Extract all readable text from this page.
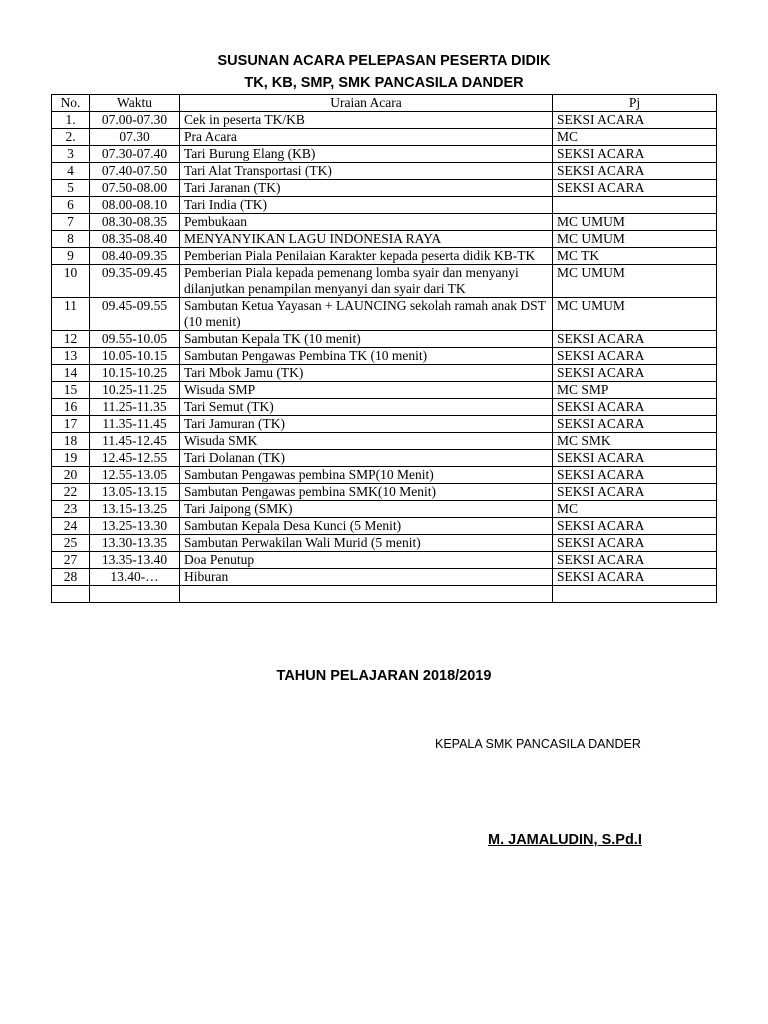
SUSUNAN ACARA PELEPASAN PESERTA DIDIK
TK, KB, SMP, SMK PANCASILA DANDER
No.	Waktu	Uraian Acara	Pj
1.	07.00-07.30	Cek in peserta TK/KB	SEKSI ACARA
2.	07.30	Pra Acara	MC
3	07.30-07.40	Tari Burung Elang (KB)	SEKSI ACARA
4	07.40-07.50	Tari Alat Transportasi (TK)	SEKSI ACARA
5	07.50-08.00	Tari Jaranan (TK)	SEKSI ACARA
6	08.00-08.10	Tari India (TK)	
7	08.30-08.35	Pembukaan	MC UMUM
8	08.35-08.40	MENYANYIKAN LAGU INDONESIA RAYA	MC UMUM
9	08.40-09.35	Pemberian Piala Penilaian Karakter kepada peserta didik KB-TK	MC TK
10	09.35-09.45	Pemberian Piala kepada pemenang lomba syair dan menyanyi dilanjutkan penampilan menyanyi dan syair dari TK	MC UMUM
11	09.45-09.55	Sambutan Ketua Yayasan + LAUNCING sekolah ramah anak DST (10 menit)	MC UMUM
12	09.55-10.05	Sambutan Kepala TK (10 menit)	SEKSI ACARA
13	10.05-10.15	Sambutan Pengawas Pembina TK (10 menit)	SEKSI ACARA
14	10.15-10.25	Tari Mbok Jamu (TK)	SEKSI ACARA
15	10.25-11.25	Wisuda SMP	MC SMP
16	11.25-11.35	Tari Semut (TK)	SEKSI ACARA
17	11.35-11.45	Tari Jamuran (TK)	SEKSI ACARA
18	11.45-12.45	Wisuda SMK	MC SMK
19	12.45-12.55	Tari Dolanan (TK)	SEKSI ACARA
20	12.55-13.05	Sambutan Pengawas pembina SMP(10 Menit)	SEKSI ACARA
22	13.05-13.15	Sambutan Pengawas pembina SMK(10 Menit)	SEKSI ACARA
23	13.15-13.25	Tari Jaipong (SMK)	MC
24	13.25-13.30	Sambutan Kepala Desa Kunci (5 Menit)	SEKSI ACARA
25	13.30-13.35	Sambutan Perwakilan Wali Murid (5 menit)	SEKSI ACARA
27	13.35-13.40	Doa Penutup	SEKSI ACARA
28	13.40-…	Hiburan	SEKSI ACARA

TAHUN PELAJARAN 2018/2019
KEPALA SMK PANCASILA DANDER
M. JAMALUDIN, S.Pd.I
